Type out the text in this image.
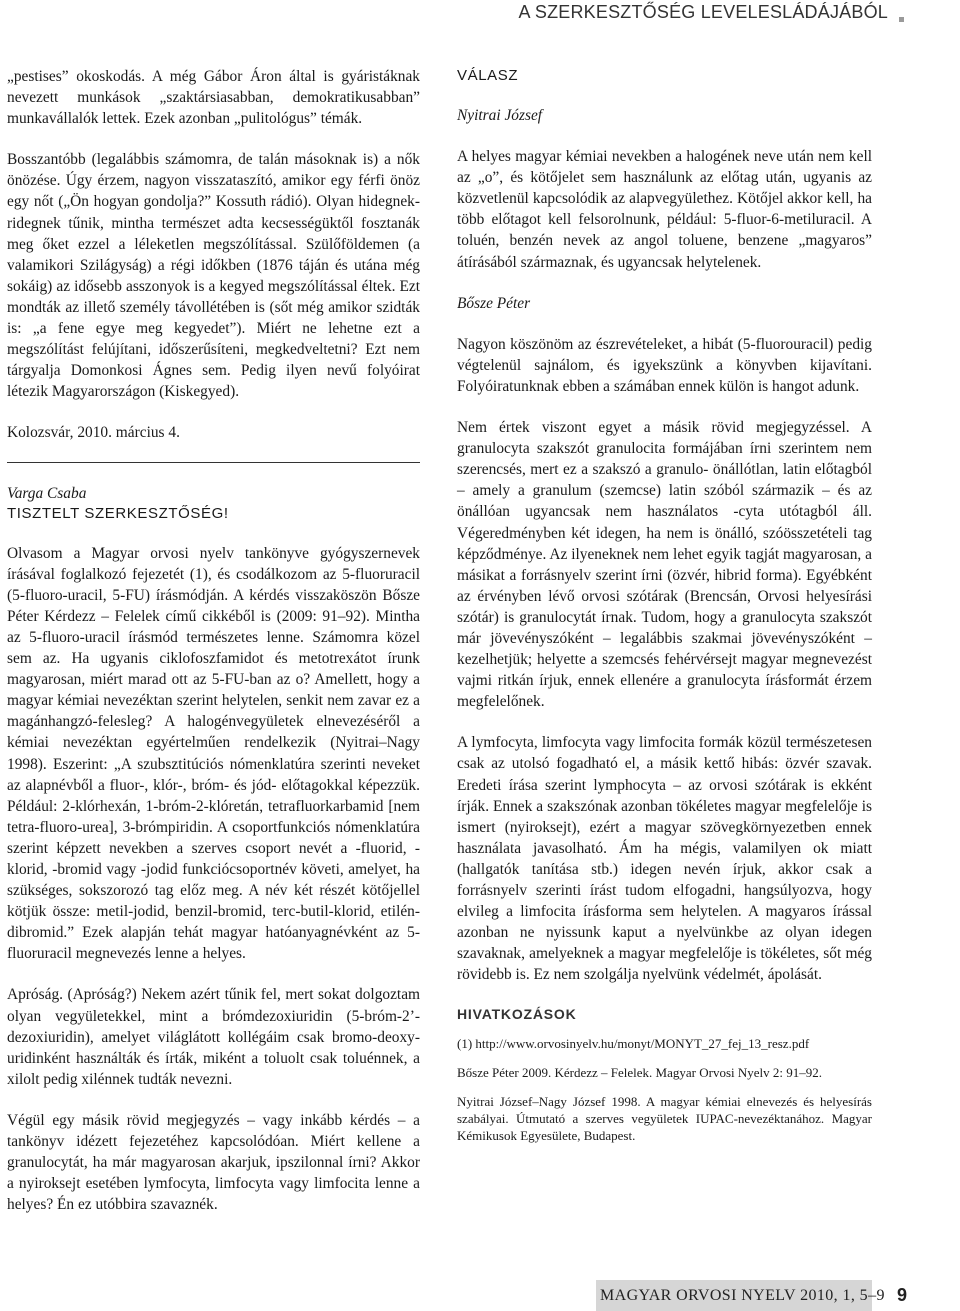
A SZERKESZTŐSÉG LEVELESLÁDÁJÁBÓL

„pestises” okoskodás. A még Gábor Áron által is gyáristáknak nevezett munkások „szaktársiasabban, demokratikusabban” munkavállalók lettek. Ezek azonban „pulitológus” témák.

Bosszantóbb (legalábbis számomra, de talán másoknak is) a nők önözése. Úgy érzem, nagyon visszataszító, amikor egy férfi önöz egy nőt („Ön hogyan gondolja?” Kossuth rádió). Olyan hidegnek-ridegnek tűnik, mintha természet adta kecsességüktől fosztanák meg őket ezzel a léleketlen megszólítással. Szülőföldemen (a valamikori Szilágyság) a régi időkben (1876 táján és utána még sokáig) az idősebb asszonyok is a kegyed megszólítással éltek. Ezt mondták az illető személy távollétében is (sőt még amikor szidták is: „a fene egye meg kegyedet”). Miért ne lehetne ezt a megszólítást felújítani, időszerűsíteni, megkedveltetni? Ezt nem tárgyalja Domonkosi Ágnes sem. Pedig ilyen nevű folyóirat létezik Magyarországon (Kiskegyed).

Kolozsvár, 2010. március 4.

Varga Csaba

TISZTELT SZERKESZTŐSÉG!

Olvasom a Magyar orvosi nyelv tankönyve gyógyszernevek írásával foglalkozó fejezetét (1), és csodálkozom az 5-fluoruracil (5-fluoro-uracil, 5-FU) írásmódján. A kérdés visszaköszön Bősze Péter Kérdezz – Felelek című cikkéből is (2009: 91–92). Mintha az 5-fluoro-uracil írásmód természetes lenne. Számomra közel sem az. Ha ugyanis ciklofoszfamidot és metotrexátot írunk magyarosan, miért marad ott az 5-FU-ban az o? Amellett, hogy a magyar kémiai nevezéktan szerint helytelen, senkit nem zavar ez a magánhangzó-felesleg? A halogénvegyületek elnevezéséről a kémiai nevezéktan egyértelműen rendelkezik (Nyitrai–Nagy 1998). Eszerint: „A szubsztitúciós nómenklatúra szerinti neveket az alapnévből a fluor-, klór-, bróm- és jód- előtagokkal képezzük. Például: 2-klórhexán, 1-bróm-2-klóretán, tetrafluorkarbamid [nem tetra-fluoro-urea], 3-brómpiridin. A csoportfunkciós nómenklatúra szerint képzett nevekben a szerves csoport nevét a -fluorid, -klorid, -bromid vagy -jodid funkciócsoportnév követi, amelyet, ha szükséges, sokszorozó tag előz meg. A név két részét kötőjellel kötjük össze: metil-jodid, benzil-bromid, terc-butil-klorid, etilén-dibromid.” Ezek alapján tehát magyar hatóanyagnévként az 5-fluoruracil megnevezés lenne a helyes.

Apróság. (Apróság?) Nekem azért tűnik fel, mert sokat dolgoztam olyan vegyületekkel, mint a brómdezoxiuridin (5-bróm-2’-dezoxiuridin), amelyet világlátott kollégáim csak bromo-deoxy-uridinként használták és írták, miként a toluolt csak toluénnek, a xilolt pedig xilénnek tudták nevezni.

Végül egy másik rövid megjegyzés – vagy inkább kérdés – a tankönyv idézett fejezetéhez kapcsolódóan. Miért kellene a granulocytát, ha már magyarosan akarjuk, ipszilonnal írni? Akkor a nyiroksejt esetében lymfocyta, limfocyta vagy limfocita lenne a helyes? Én ez utóbbira szavaznék.

VÁLASZ

Nyitrai József

A helyes magyar kémiai nevekben a halogének neve után nem kell az „o”, és kötőjelet sem használunk az előtag után, ugyanis az közvetlenül kapcsolódik az alapvegyülethez. Kötőjel akkor kell, ha több előtagot kell felsorolnunk, például: 5-fluor-6-metiluracil. A toluén, benzén nevek az angol toluene, benzene „magyaros” átírásából származnak, és ugyancsak helytelenek.

Bősze Péter

Nagyon köszönöm az észrevételeket, a hibát (5-fluorouracil) pedig végtelenül sajnálom, és igyekszünk a könyvben kijavítani. Folyóiratunknak ebben a számában ennek külön is hangot adunk.

Nem értek viszont egyet a másik rövid megjegyzéssel. A granulocyta szakszót granulocita formájában írni szerintem nem szerencsés, mert ez a szakszó a granulo- önállótlan, latin előtagból – amely a granulum (szemcse) latin szóból származik – és az önállóan ugyancsak nem használatos -cyta utótagból áll. Végeredményben két idegen, ha nem is önálló, szóösszetételi tag képződménye. Az ilyeneknek nem lehet egyik tagját magyarosan, a másikat a forrásnyelv szerint írni (özvér, hibrid forma). Egyébként az érvényben lévő orvosi szótárak (Brencsán, Orvosi helyesírási szótár) is granulocytát írnak. Tudom, hogy a granulocyta szakszót már jövevényszóként – legalábbis szakmai jövevényszóként – kezelhetjük; helyette a szemcsés fehérvérsejt magyar megnevezést vajmi ritkán írjuk, ennek ellenére a granulocyta írásformát érzem megfelelőnek.

A lymfocyta, limfocyta vagy limfocita formák közül természetesen csak az utolsó fogadható el, a másik kettő hibás: özvér szavak. Eredeti írása szerint lymphocyta – az orvosi szótárak is ekként írják. Ennek a szakszónak azonban tökéletes magyar megfelelője is ismert (nyiroksejt), ezért a magyar szövegkörnyezetben ennek használata javasolható. Ám ha mégis, valamilyen ok miatt (hallgatók tanítása stb.) idegen nevén írjuk, akkor csak a forrásnyelv szerinti írást tudom elfogadni, hangsúlyozva, hogy elvileg a limfocita írásforma sem helytelen. A magyaros írással azonban ne nyissunk kaput a nyelvünkbe az olyan idegen szavaknak, amelyeknek a magyar megfelelője is tökéletes, sőt még rövidebb is. Ez nem szolgálja nyelvünk védelmét, ápolását.

HIVATKOZÁSOK

(1) http://www.orvosinyelv.hu/monyt/MONYT_27_fej_13_resz.pdf

Bősze Péter 2009. Kérdezz – Felelek. Magyar Orvosi Nyelv 2: 91–92.

Nyitrai József–Nagy József 1998. A magyar kémiai elnevezés és helyesírás szabályai. Útmutató a szerves vegyületek IUPAC-nevezéktanához. Magyar Kémikusok Egyesülete, Budapest.

MAGYAR ORVOSI NYELV 2010, 1, 5–9 9
